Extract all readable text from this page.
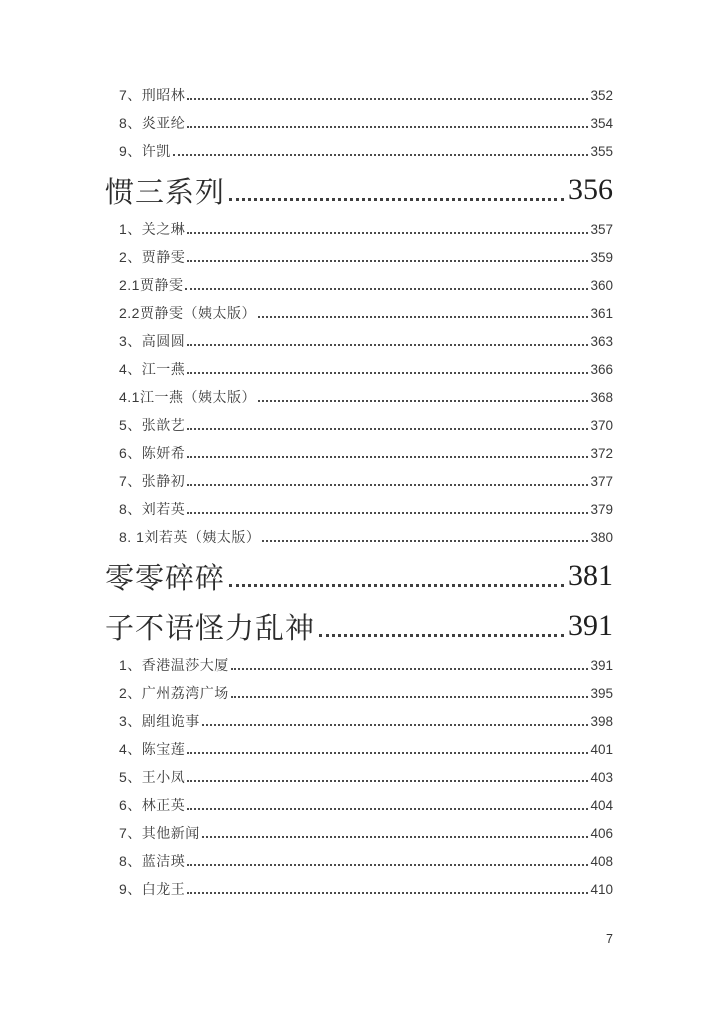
7、刑昭林	352
8、炎亚纶	354
9、许凯	355
惯三系列	356
1、关之琳	357
2、贾静雯	359
2.1贾静雯	360
2.2贾静雯（姨太版）	361
3、高圆圆	363
4、江一燕	366
4.1江一燕（姨太版）	368
5、张歆艺	370
6、陈妍希	372
7、张静初	377
8、刘若英	379
8. 1刘若英（姨太版）	380
零零碎碎	381
子不语怪力乱神	391
1、香港温莎大厦	391
2、广州荔湾广场	395
3、剧组诡事	398
4、陈宝莲	401
5、王小凤	403
6、林正英	404
7、其他新闻	406
8、蓝洁瑛	408
9、白龙王	410
7
